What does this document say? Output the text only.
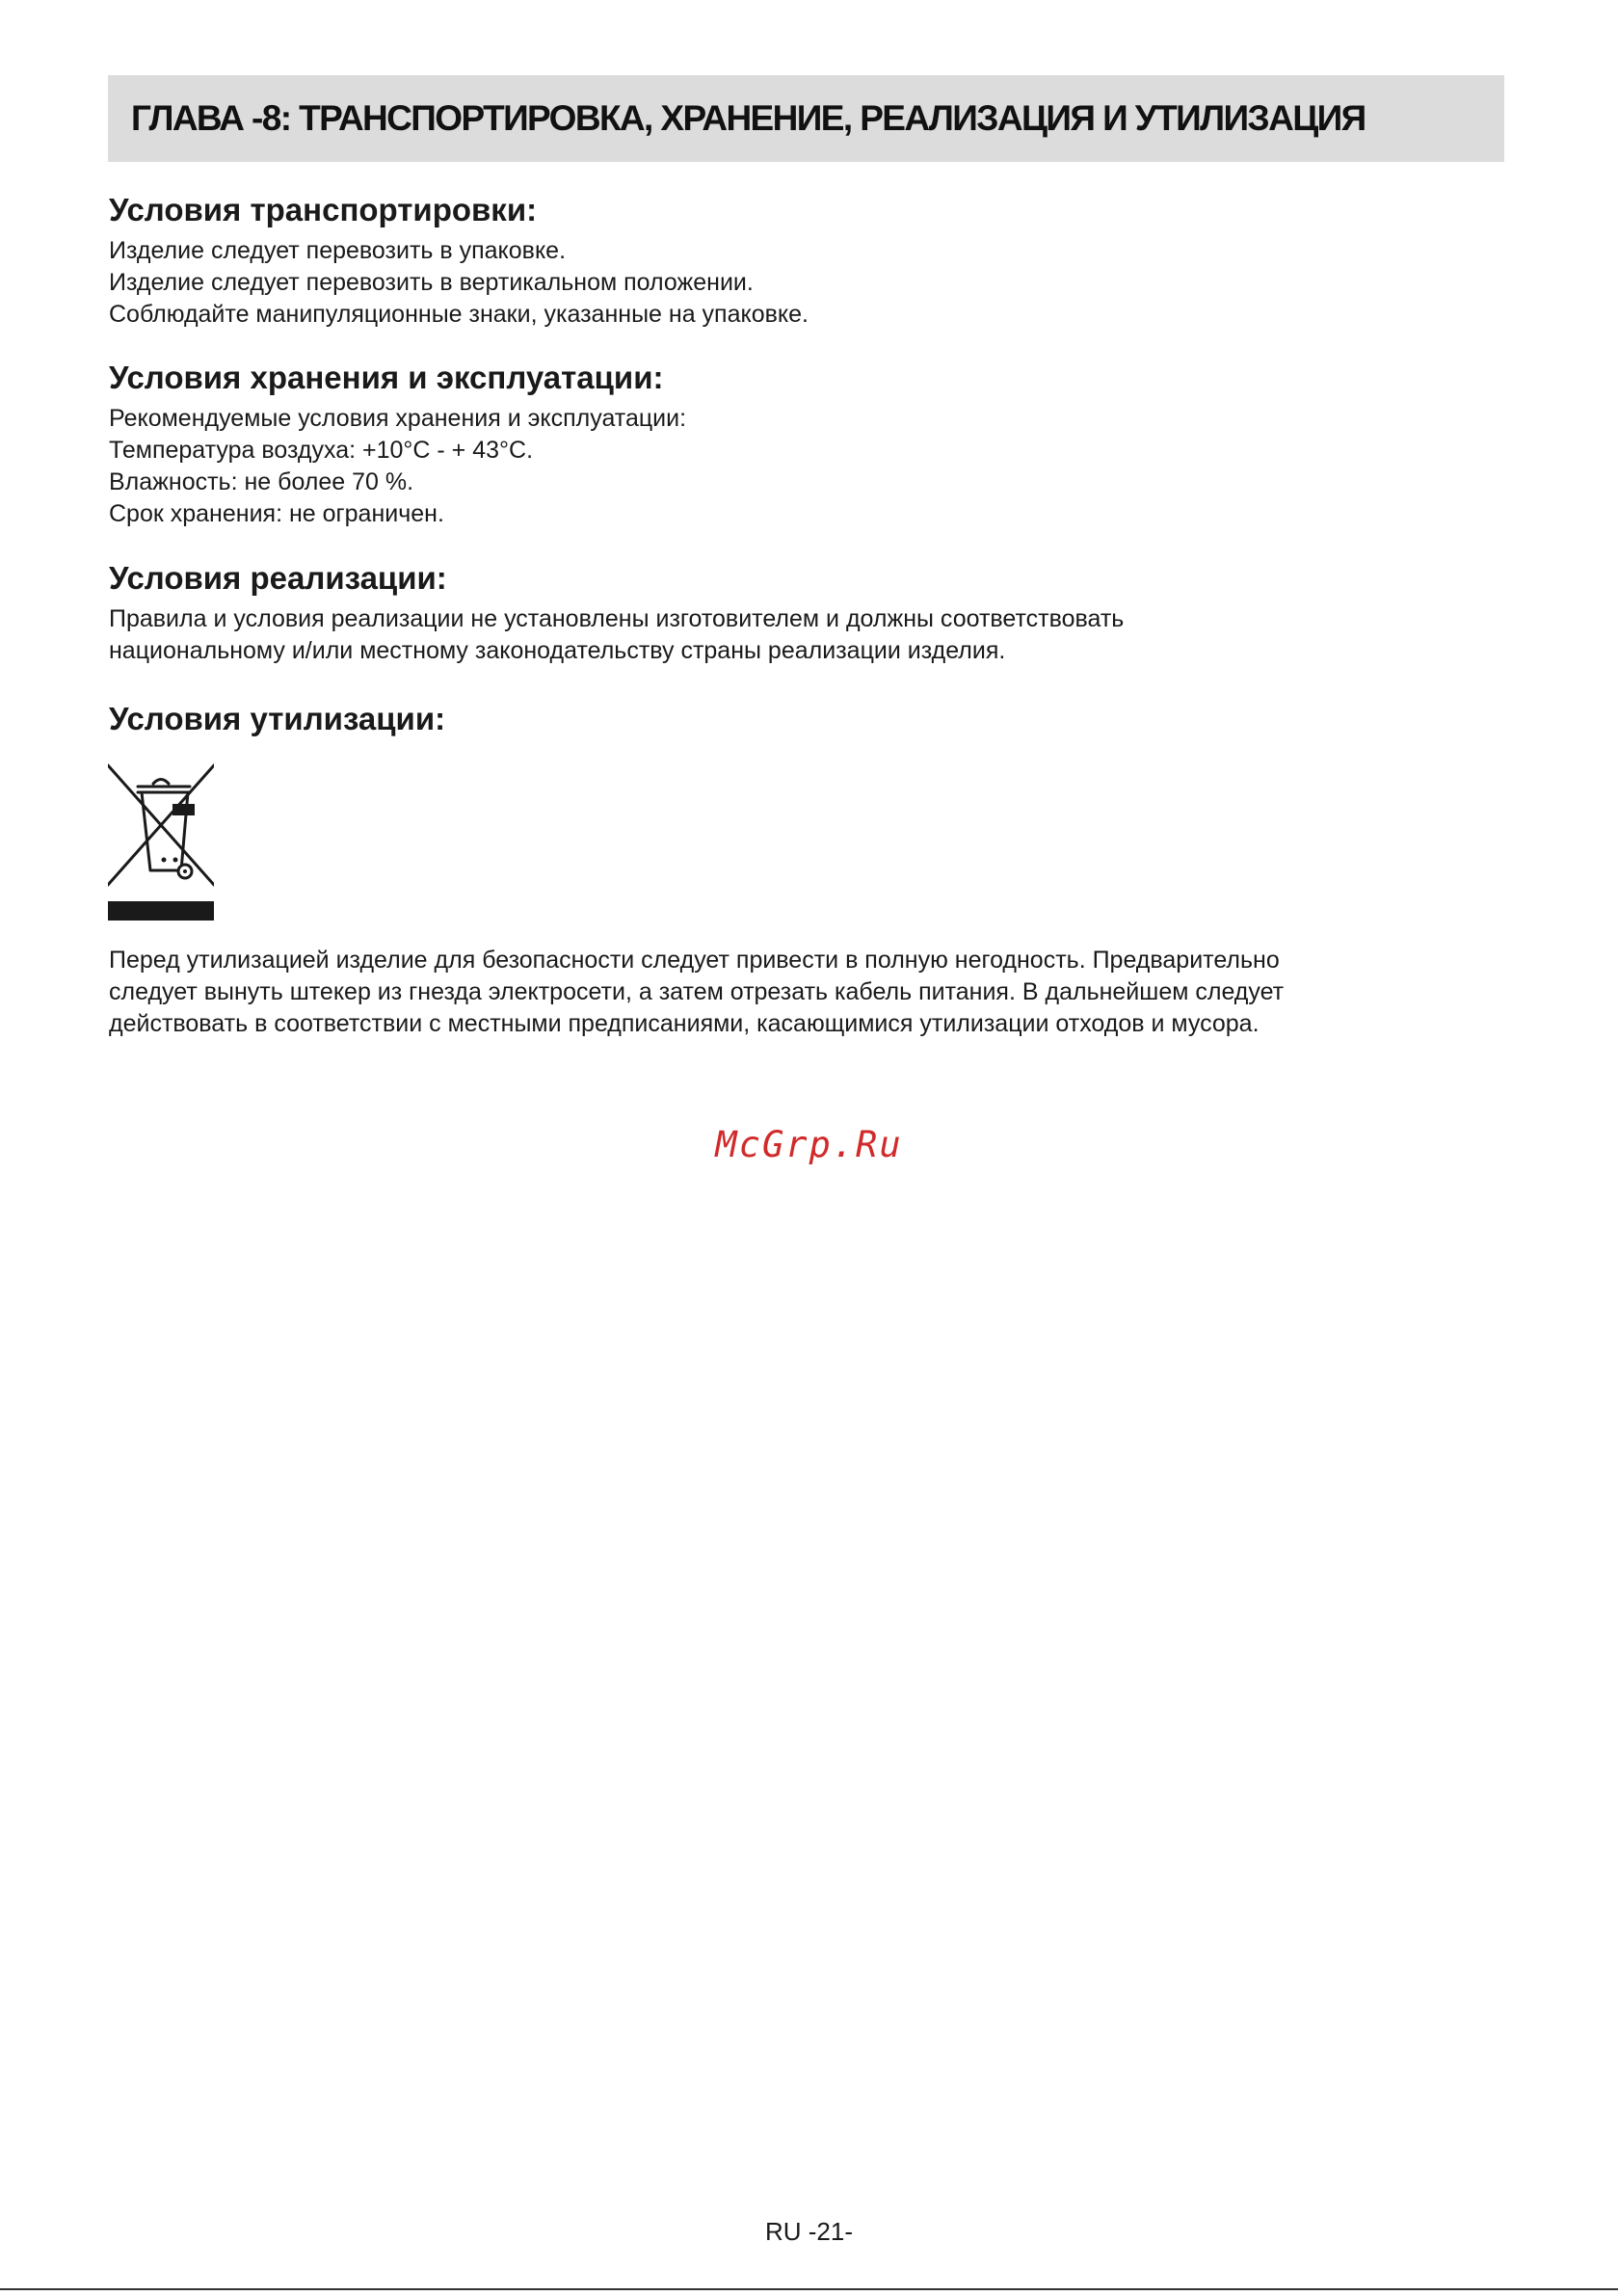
ГЛАВА -8: ТРАНСПОРТИРОВКА, ХРАНЕНИЕ, РЕАЛИЗАЦИЯ И УТИЛИЗАЦИЯ
Условия транспортировки:

Изделие следует перевозить в упаковке.

Изделие следует перевозить в вертикальном положении.

Соблюдайте манипуляционные знаки, указанные на упаковке.

Условия хранения и эксплуатации:

Рекомендуемые условия хранения и эксплуатации:

Температура воздуха: +10°C - + 43°C.

Влажность: не более 70 %.

Срок хранения: не ограничен.

Условия реализации:

Правила и условия реализации не установлены изготовителем и должны соответствовать

национальному и/или местному законодательству страны реализации изделия.

Условия утилизации:

Перед утилизацией изделие для безопасности следует привести в полную негодность. Предварительно

следует вынуть штекер из гнезда электросети, а затем отрезать кабель питания. В дальнейшем следует

действовать в соответствии с местными предписаниями, касающимися утилизации отходов и мусора.

McGrp.Ru
RU -21-
